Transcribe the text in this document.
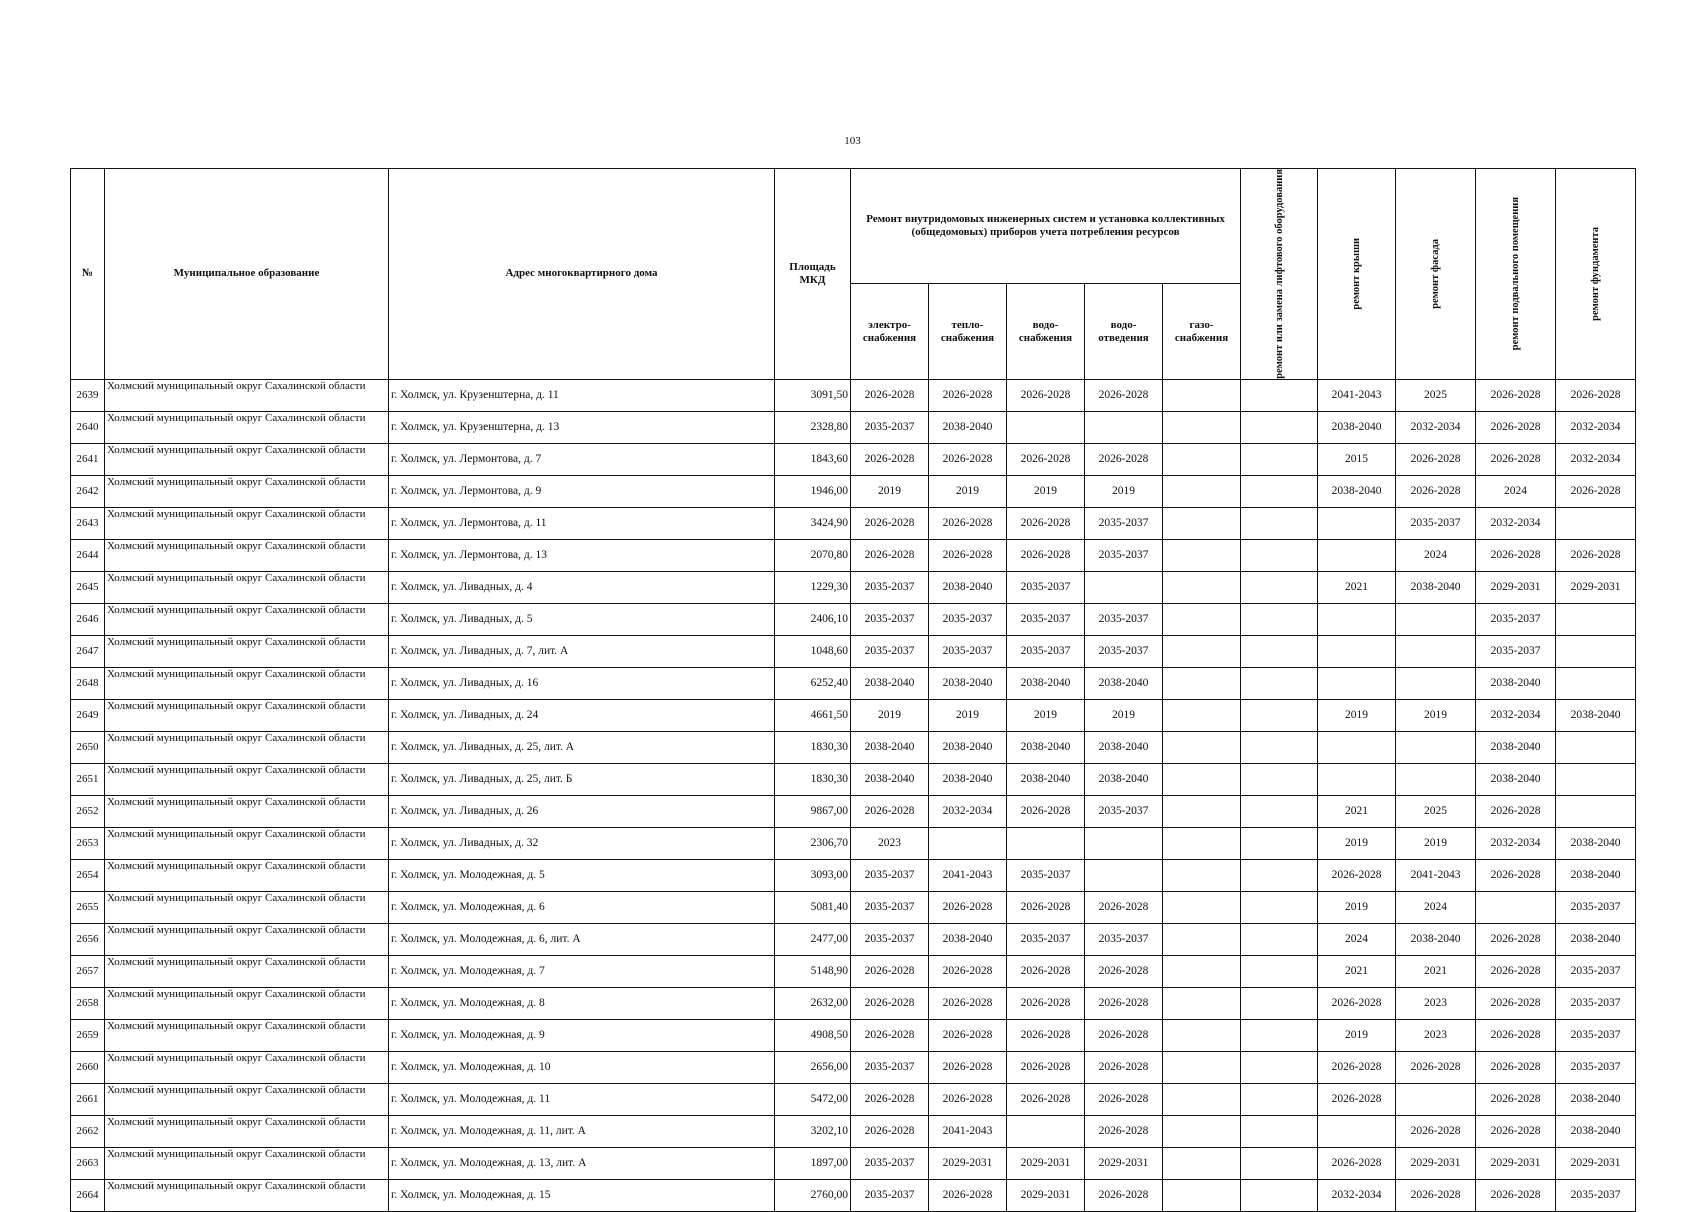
103
№	Муниципальное образование	Адрес многоквартирного дома	Площадь МКД	Ремонт внутридомовых инженерных систем и установка коллективных (общедомовых) приборов учета потребления ресурсов					ремонт или замена лифтового оборудования	ремонт крыши	ремонт фасада	ремонт подвального помещения	ремонт фундамента

				электро- снабжения	тепло- снабжения	водо- снабжения	водо- отведения	газо- снабжения					
2639	Холмский муниципальный округ Сахалинской области	г. Холмск, ул. Крузенштерна, д. 11	3091,50	2026-2028	2026-2028	2026-2028	2026-2028			2041-2043	2025	2026-2028	2026-2028
2640	Холмский муниципальный округ Сахалинской области	г. Холмск, ул. Крузенштерна, д. 13	2328,80	2035-2037	2038-2040					2038-2040	2032-2034	2026-2028	2032-2034
2641	Холмский муниципальный округ Сахалинской области	г. Холмск, ул. Лермонтова, д. 7	1843,60	2026-2028	2026-2028	2026-2028	2026-2028			2015	2026-2028	2026-2028	2032-2034
2642	Холмский муниципальный округ Сахалинской области	г. Холмск, ул. Лермонтова, д. 9	1946,00	2019	2019	2019	2019			2038-2040	2026-2028	2024	2026-2028
2643	Холмский муниципальный округ Сахалинской области	г. Холмск, ул. Лермонтова, д. 11	3424,90	2026-2028	2026-2028	2026-2028	2035-2037				2035-2037	2032-2034	
2644	Холмский муниципальный округ Сахалинской области	г. Холмск, ул. Лермонтова, д. 13	2070,80	2026-2028	2026-2028	2026-2028	2035-2037				2024	2026-2028	2026-2028
2645	Холмский муниципальный округ Сахалинской области	г. Холмск, ул. Ливадных, д. 4	1229,30	2035-2037	2038-2040	2035-2037				2021	2038-2040	2029-2031	2029-2031
2646	Холмский муниципальный округ Сахалинской области	г. Холмск, ул. Ливадных, д. 5	2406,10	2035-2037	2035-2037	2035-2037	2035-2037					2035-2037	
2647	Холмский муниципальный округ Сахалинской области	г. Холмск, ул. Ливадных, д. 7, лит. А	1048,60	2035-2037	2035-2037	2035-2037	2035-2037					2035-2037	
2648	Холмский муниципальный округ Сахалинской области	г. Холмск, ул. Ливадных, д. 16	6252,40	2038-2040	2038-2040	2038-2040	2038-2040					2038-2040	
2649	Холмский муниципальный округ Сахалинской области	г. Холмск, ул. Ливадных, д. 24	4661,50	2019	2019	2019	2019			2019	2019	2032-2034	2038-2040
2650	Холмский муниципальный округ Сахалинской области	г. Холмск, ул. Ливадных, д. 25, лит. А	1830,30	2038-2040	2038-2040	2038-2040	2038-2040					2038-2040	
2651	Холмский муниципальный округ Сахалинской области	г. Холмск, ул. Ливадных, д. 25, лит. Б	1830,30	2038-2040	2038-2040	2038-2040	2038-2040					2038-2040	
2652	Холмский муниципальный округ Сахалинской области	г. Холмск, ул. Ливадных, д. 26	9867,00	2026-2028	2032-2034	2026-2028	2035-2037			2021	2025	2026-2028	
2653	Холмский муниципальный округ Сахалинской области	г. Холмск, ул. Ливадных, д. 32	2306,70	2023						2019	2019	2032-2034	2038-2040
2654	Холмский муниципальный округ Сахалинской области	г. Холмск, ул. Молодежная, д. 5	3093,00	2035-2037	2041-2043	2035-2037				2026-2028	2041-2043	2026-2028	2038-2040
2655	Холмский муниципальный округ Сахалинской области	г. Холмск, ул. Молодежная, д. 6	5081,40	2035-2037	2026-2028	2026-2028	2026-2028			2019	2024		2035-2037
2656	Холмский муниципальный округ Сахалинской области	г. Холмск, ул. Молодежная, д. 6, лит. А	2477,00	2035-2037	2038-2040	2035-2037	2035-2037			2024	2038-2040	2026-2028	2038-2040
2657	Холмский муниципальный округ Сахалинской области	г. Холмск, ул. Молодежная, д. 7	5148,90	2026-2028	2026-2028	2026-2028	2026-2028			2021	2021	2026-2028	2035-2037
2658	Холмский муниципальный округ Сахалинской области	г. Холмск, ул. Молодежная, д. 8	2632,00	2026-2028	2026-2028	2026-2028	2026-2028			2026-2028	2023	2026-2028	2035-2037
2659	Холмский муниципальный округ Сахалинской области	г. Холмск, ул. Молодежная, д. 9	4908,50	2026-2028	2026-2028	2026-2028	2026-2028			2019	2023	2026-2028	2035-2037
2660	Холмский муниципальный округ Сахалинской области	г. Холмск, ул. Молодежная, д. 10	2656,00	2035-2037	2026-2028	2026-2028	2026-2028			2026-2028	2026-2028	2026-2028	2035-2037
2661	Холмский муниципальный округ Сахалинской области	г. Холмск, ул. Молодежная, д. 11	5472,00	2026-2028	2026-2028	2026-2028	2026-2028			2026-2028		2026-2028	2038-2040
2662	Холмский муниципальный округ Сахалинской области	г. Холмск, ул. Молодежная, д. 11, лит. А	3202,10	2026-2028	2041-2043		2026-2028				2026-2028	2026-2028	2038-2040
2663	Холмский муниципальный округ Сахалинской области	г. Холмск, ул. Молодежная, д. 13, лит. А	1897,00	2035-2037	2029-2031	2029-2031	2029-2031			2026-2028	2029-2031	2029-2031	2029-2031
2664	Холмский муниципальный округ Сахалинской области	г. Холмск, ул. Молодежная, д. 15	2760,00	2035-2037	2026-2028	2029-2031	2026-2028			2032-2034	2026-2028	2026-2028	2035-2037
